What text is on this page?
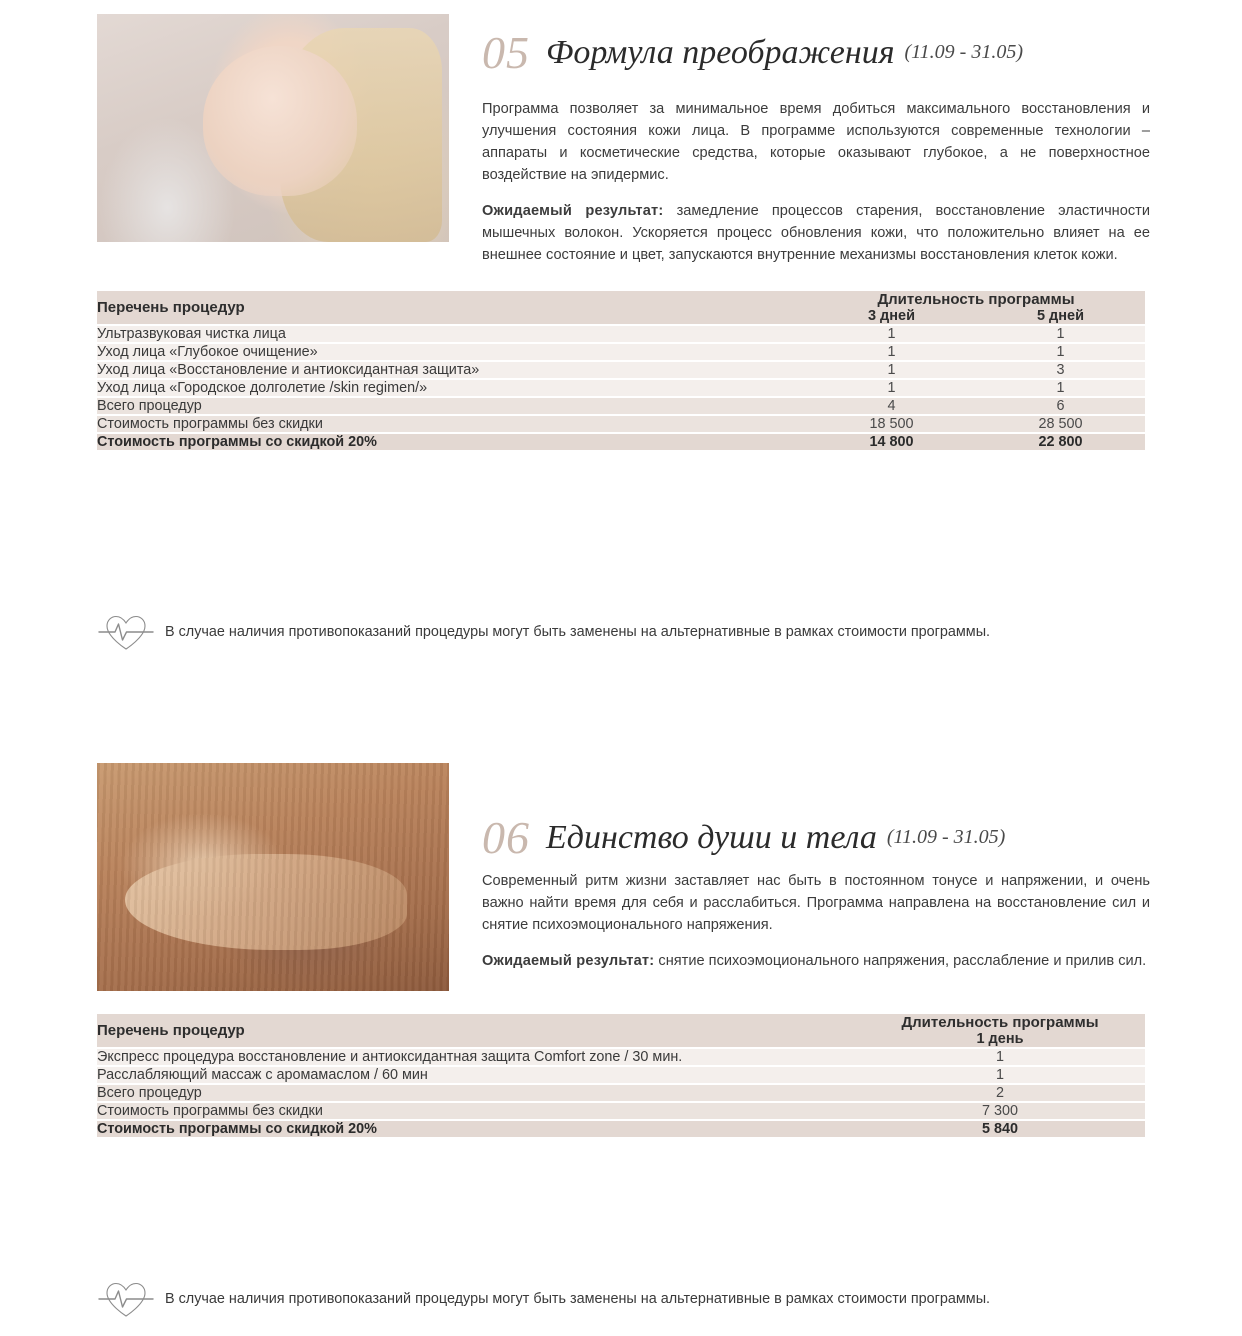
05 Формула преображения (11.09 - 31.05)

Программа позволяет за минимальное время добиться максимального восстановления и улучшения состояния кожи лица. В программе используются современные технологии – аппараты и косметические средства, которые оказывают глубокое, а не поверхностное воздействие на эпидермис.

Ожидаемый результат: замедление процессов старения, восстановление эластичности мышечных волокон. Ускоряется процесс обновления кожи, что положительно влияет на ее внешнее состояние и цвет, запускаются внутренние механизмы восстановления клеток кожи.

Перечень процедур	Длительность программы	
	3 дней	5 дней
Ультразвуковая чистка лица	1	1
Уход лица «Глубокое очищение»	1	1
Уход лица «Восстановление и антиоксидантная защита»	1	3
Уход лица «Городское долголетие /skin regimen/»	1	1
Всего процедур	4	6
Стоимость программы без скидки	18 500	28 500
Стоимость программы со скидкой 20%	14 800	22 800
В случае наличия противопоказаний процедуры могут быть заменены на альтернативные в рамках стоимости программы.
06 Единство души и тела (11.09 - 31.05)

Современный ритм жизни заставляет нас быть в постоянном тонусе и напряжении, и очень важно найти время для себя и расслабиться. Программа направлена на восстановление сил и снятие психоэмоционального напряжения.

Ожидаемый результат: снятие психоэмоционального напряжения, расслабление и прилив сил.

Перечень процедур	Длительность программы
	1 день
Экспресс процедура восстановление и антиоксидантная защита Comfort zone / 30 мин.	1
Расслабляющий массаж с аромамаслом / 60 мин	1
Всего процедур	2
Стоимость программы без скидки	7 300
Стоимость программы со скидкой 20%	5 840
В случае наличия противопоказаний процедуры могут быть заменены на альтернативные в рамках стоимости программы.
